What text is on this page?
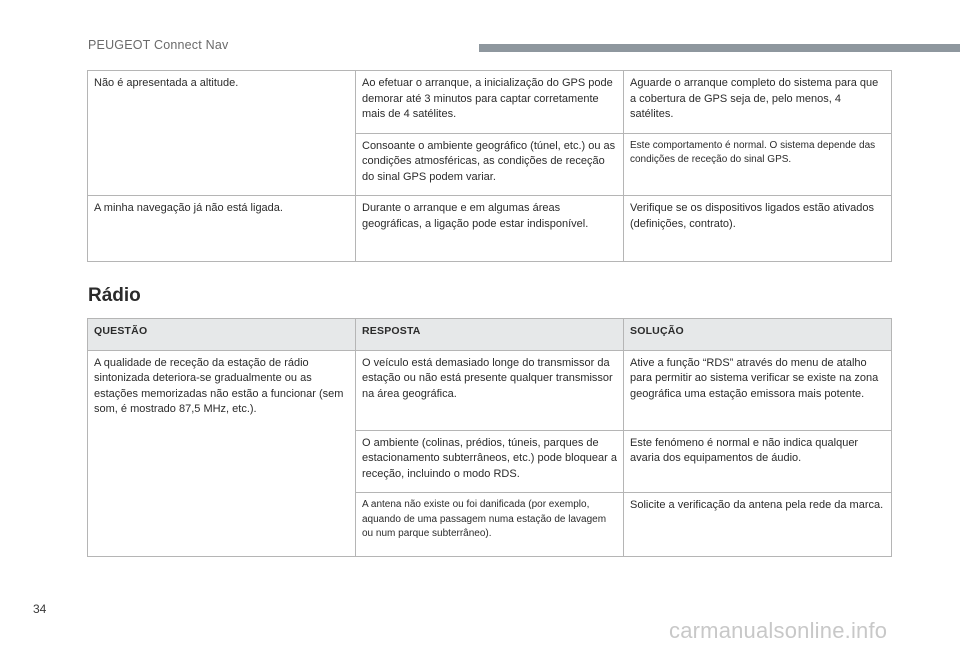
PEUGEOT Connect Nav
Não é apresentada a altitude.	Ao efetuar o arranque, a inicialização do GPS pode demorar até 3 minutos para captar corretamente mais de 4 satélites.	Aguarde o arranque completo do sistema para que a cobertura de GPS seja de, pelo menos, 4 satélites.
	Consoante o ambiente geográfico (túnel, etc.) ou as condições atmosféricas, as condições de receção do sinal GPS podem variar.	Este comportamento é normal. O sistema depende das condições de receção do sinal GPS.
A minha navegação já não está ligada.	Durante o arranque e em algumas áreas geográficas, a ligação pode estar indisponível.	Verifique se os dispositivos ligados estão ativados (definições, contrato).
Rádio
QUESTÃO	RESPOSTA	SOLUÇÃO
A qualidade de receção da estação de rádio sintonizada deteriora-se gradualmente ou as estações memorizadas não estão a funcionar (sem som, é mostrado 87,5 MHz, etc.).	O veículo está demasiado longe do transmissor da estação ou não está presente qualquer transmissor na área geográfica.	Ative a função “RDS” através do menu de atalho para permitir ao sistema verificar se existe na zona geográfica uma estação emissora mais potente.
	O ambiente (colinas, prédios, túneis, parques de estacionamento subterrâneos, etc.) pode bloquear a receção, incluindo o modo RDS.	Este fenómeno é normal e não indica qualquer avaria dos equipamentos de áudio.
	A antena não existe ou foi danificada (por exemplo, aquando de uma passagem numa estação de lavagem ou num parque subterrâneo).	Solicite a verificação da antena pela rede da marca.
34
carmanualsonline.info
